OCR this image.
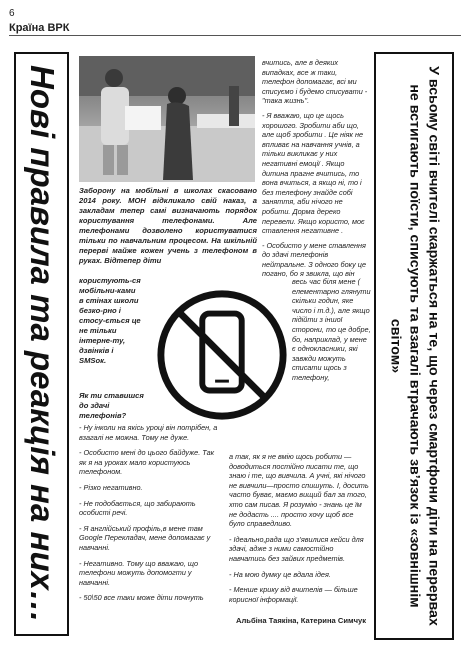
6
Країна ВРК
Нові правила та реакція на них…	У всьому світі вчителі скаржаться на те, що через смартфони діти на перервах не встигають поїсти, списують та взагалі втрачають зв’язок із «зовнішнім світом»

Заборону на мобільні в школах скасовано 2014 року. МОН відкликало свій наказ, а закладам тепер самі визначають порядок користування телефонами. Але телефонами дозволено користуватися тільки по навчальним процесом. На шкільній перерві майже кожен учень з телефоном в руках. Відтепер діти

користують-ся мобільни-ками в стінах школи безко-рно і стосу-ється це не тільки інтерне-ту, дзвінків і SMSок.

Як ти ставишся до здачі телефонів?

- Ну інколи на якісь уроці він потрібен, а взагалі не можна. Тому не дуже.

- Особисто мені до цього байдуже. Так як я на уроках мало користуюсь телефоном.

- Різко негативно.

- Не подобається, що забирають особисті речі.

- Я англійський профіль,в мене там Google Перекладач, мене допомагає у навчанні.

- Негативно. Тому що вважаю, що телефони можуть допомогти у навчанні.

- 50\50 все таки може діти почнуть

вчитись, але в деяких випадках, все ж таки, телефон допомагає, всі ми списуємо і будемо списувати - "така жизнь".

- Я вважаю, що це щось хорошого. Зробити аби що, але щоб зробити . Це ніяк не впливає на навчання учнів, а тільки викликає у них негативні емоції . Якщо дитина прагне вчитись, то вона вчиться, а якщо ні, то і без телефону знайде собі заняття, аби нічого не робити. Дорма дереко перевели. Якщо користо, моє ставлення негативне .

- Особисто у мене ставлення до здачі телефонів нейтральне. З одного боку це погано, бо я звикла, що він

весь час біля мене ( елементарно глянути скільки годин, яке число і т.д.), але якщо підійти з іншої сторони, то це добре, бо, наприклад, у мене є однокласники, які завжди можуть списати щось з телефону,

а так, як я не вмію щось робити — доводиться постійно писати те, що знаю і те, що вивчила. А учні, які нічого не вивчили—просто спишуть. І, досить часто буває, маємо вищий бал за того, хто сам писав. Я розумію - знань це їм не додасть .... просто хочу щоб все було справедливо.

- Ідеально,рада що з'явилися кейси для здачі, адже з ними самостійно навчатись без зайвих предметів.

- На мою думку це вдала ідея.

- Менше крику від вчителів — більше корисної інформації.

Альбіна Таякіна, Катерина Симчук
